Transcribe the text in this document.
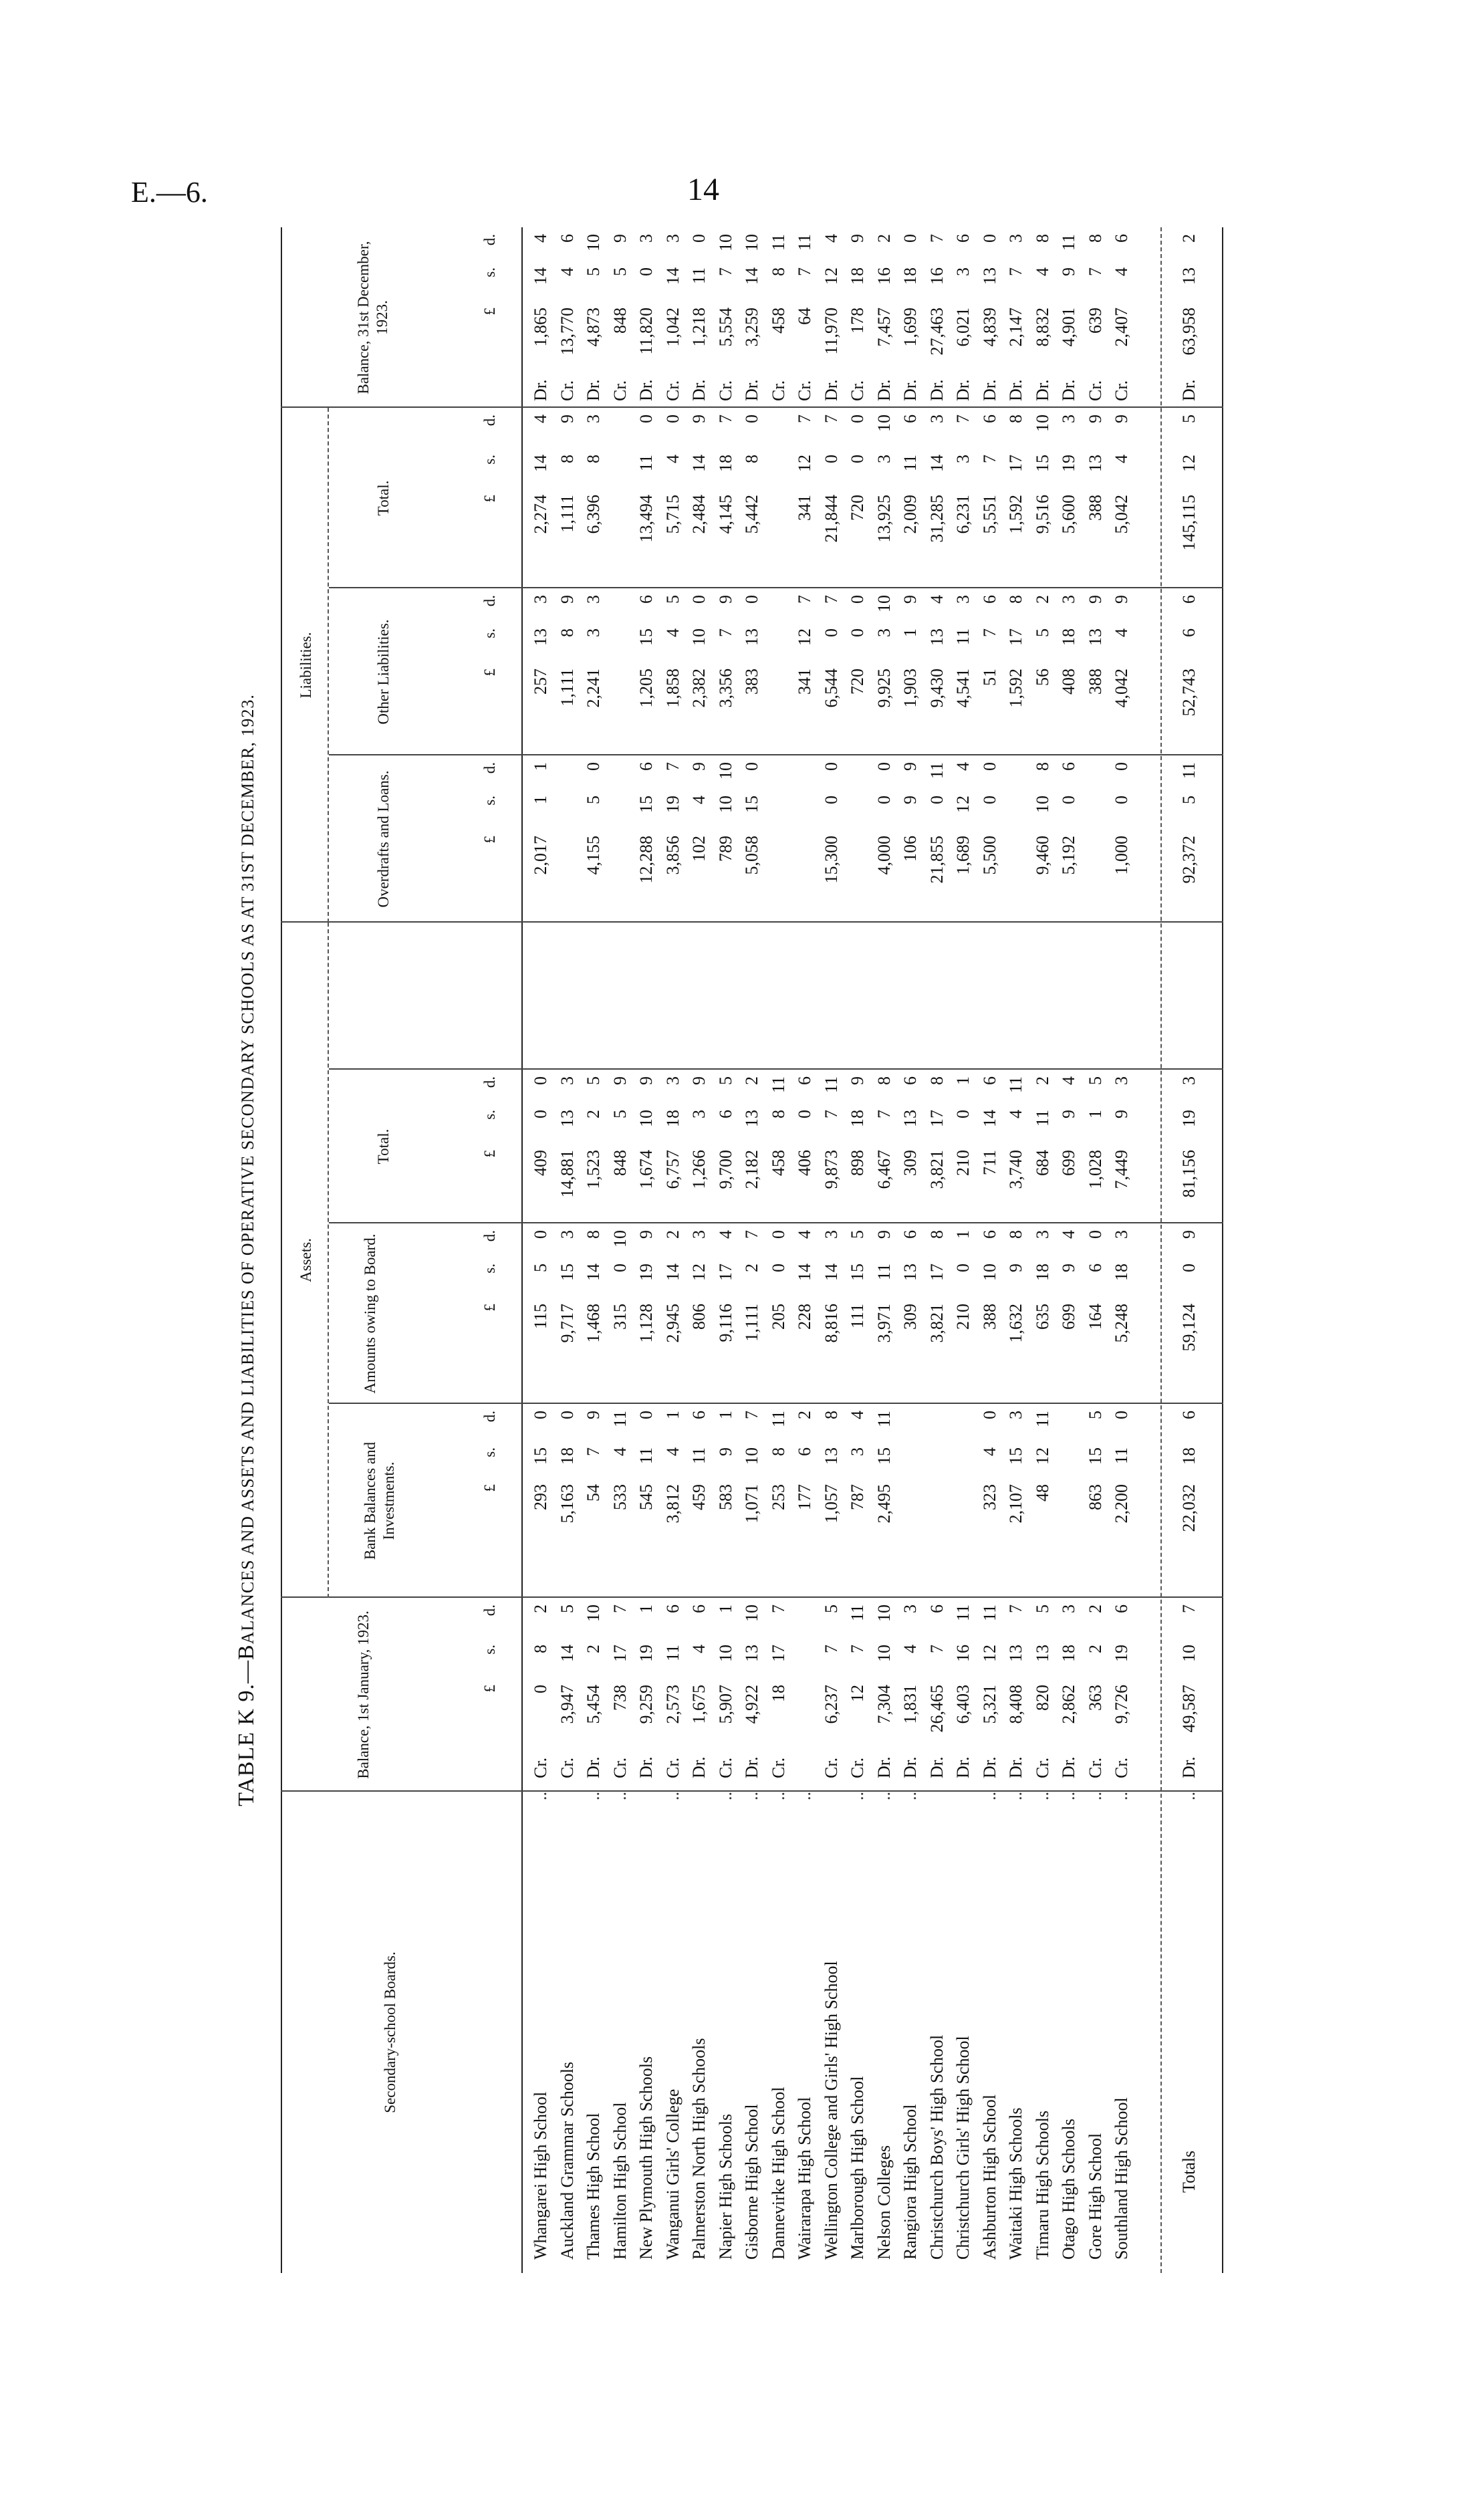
E.—6.	14
TABLE K 9.—BALANCES AND ASSETS AND LIABILITIES OF OPERATIVE SECONDARY SCHOOLS AS AT 31ST DECEMBER, 1923.
Secondary-school Boards.
Balance, 1st January, 1923.
Assets.
Bank Balances and Investments.
Amounts owing to Board.
Total.
Liabilities.
Overdrafts and Loans.
Other Liabilities.
Total.
Balance, 31st December, 1923.
£
s.
d.
£
s.
d.
£
s.
d.
£
s.
d.
£
s.
d.
£
s.
d.
£
s.
d.
£
s.
d.
Whangarei High School
..
Cr.
Dr.
0
8
2
293
15
0
115
5
0
409
0
0
2,017
1
1
257
13
3
2,274
14
4
1,865
14
4
Auckland Grammar Schools
Cr.
Cr.
3,947
14
5
5,163
18
0
9,717
15
3
14,881
13
3
1,111
8
9
1,111
8
9
13,770
4
6
Thames High School
..
Dr.
Dr.
5,454
2
10
54
7
9
1,468
14
8
1,523
2
5
4,155
5
0
2,241
3
3
6,396
8
3
4,873
5
10
Hamilton High School
..
Cr.
Cr.
738
17
7
533
4
11
315
0
10
848
5
9
848
5
9
New Plymouth High Schools
Dr.
Dr.
9,259
19
1
545
11
0
1,128
19
9
1,674
10
9
12,288
15
6
1,205
15
6
13,494
11
0
11,820
0
3
Wanganui Girls' College
..
Cr.
Cr.
2,573
11
6
3,812
4
1
2,945
14
2
6,757
18
3
3,856
19
7
1,858
4
5
5,715
4
0
1,042
14
3
Palmerston North High Schools
Dr.
Dr.
1,675
4
6
459
11
6
806
12
3
1,266
3
9
102
4
9
2,382
10
0
2,484
14
9
1,218
11
0
Napier High Schools
..
Cr.
Cr.
5,907
10
1
583
9
1
9,116
17
4
9,700
6
5
789
10
10
3,356
7
9
4,145
18
7
5,554
7
10
Gisborne High School
..
Dr.
Dr.
4,922
13
10
1,071
10
7
1,111
2
7
2,182
13
2
5,058
15
0
383
13
0
5,442
8
0
3,259
14
10
Dannevirke High School
..
Cr.
Cr.
18
17
7
253
8
11
205
0
0
458
8
11
458
8
11
Wairarapa High School
..
Cr.
177
6
2
228
14
4
406
0
6
341
12
7
341
12
7
64
7
11
Wellington College and Girls' High School
Cr.
Dr.
6,237
7
5
1,057
13
8
8,816
14
3
9,873
7
11
15,300
0
0
6,544
0
7
21,844
0
7
11,970
12
4
Marlborough High School
..
Cr.
Cr.
12
7
11
787
3
4
111
15
5
898
18
9
720
0
0
720
0
0
178
18
9
Nelson Colleges
..
Dr.
Dr.
7,304
10
10
2,495
15
11
3,971
11
9
6,467
7
8
4,000
0
0
9,925
3
10
13,925
3
10
7,457
16
2
Rangiora High School
..
Dr.
Dr.
1,831
4
3
309
13
6
309
13
6
106
9
9
1,903
1
9
2,009
11
6
1,699
18
0
Christchurch Boys' High School
Dr.
Dr.
26,465
7
6
3,821
17
8
3,821
17
8
21,855
0
11
9,430
13
4
31,285
14
3
27,463
16
7
Christchurch Girls' High School
Dr.
Dr.
6,403
16
11
210
0
1
210
0
1
1,689
12
4
4,541
11
3
6,231
3
7
6,021
3
6
Ashburton High School
..
Dr.
Dr.
5,321
12
11
323
4
0
388
10
6
711
14
6
5,500
0
0
51
7
6
5,551
7
6
4,839
13
0
Waitaki High Schools
..
Dr.
Dr.
8,408
13
7
2,107
15
3
1,632
9
8
3,740
4
11
1,592
17
8
1,592
17
8
2,147
7
3
Timaru High Schools
..
Cr.
Dr.
820
13
5
48
12
11
635
18
3
684
11
2
9,460
10
8
56
5
2
9,516
15
10
8,832
4
8
Otago High Schools
..
Dr.
Dr.
2,862
18
3
699
9
4
699
9
4
5,192
0
6
408
18
3
5,600
19
3
4,901
9
11
Gore High School
..
Cr.
Cr.
363
2
2
863
15
5
164
6
0
1,028
1
5
388
13
9
388
13
9
639
7
8
Southland High School
..
Cr.
Cr.
9,726
19
6
2,200
11
0
5,248
18
3
7,449
9
3
1,000
0
0
4,042
4
9
5,042
4
9
2,407
4
6
Totals
..
Dr.
Dr.
49,587
10
7
22,032
18
6
59,124
0
9
81,156
19
3
92,372
5
11
52,743
6
6
145,115
12
5
63,958
13
2
